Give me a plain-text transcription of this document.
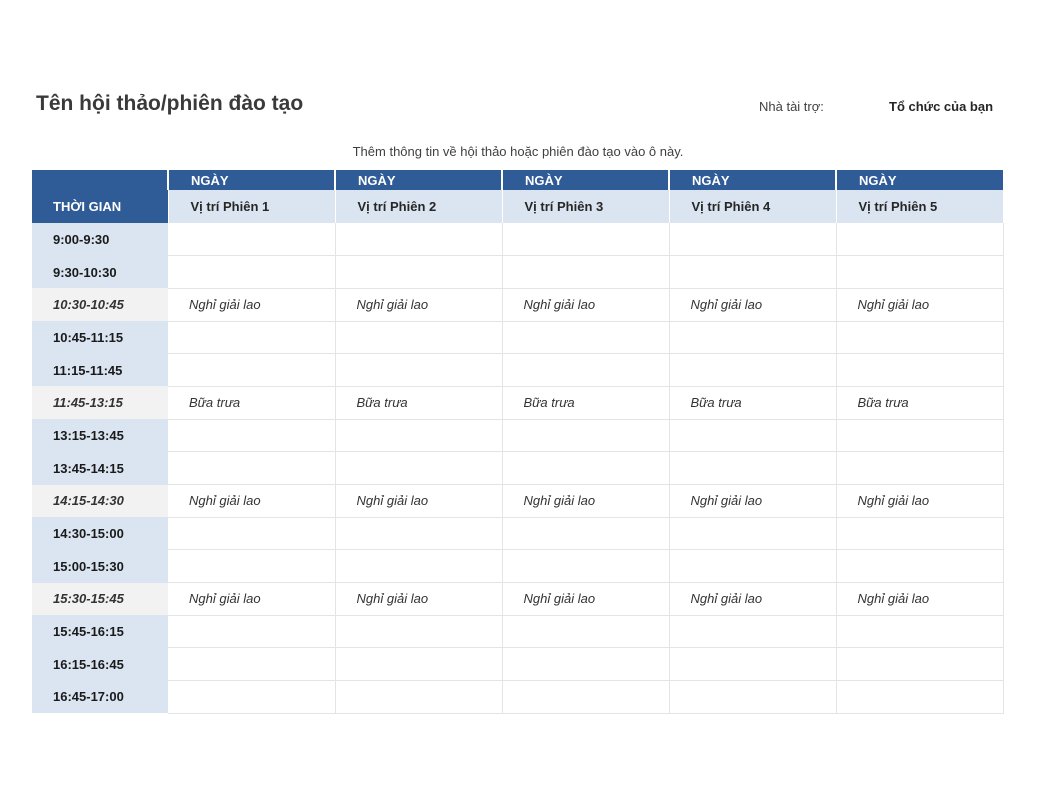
Tên hội thảo/phiên đào tạo	Nhà tài trợ:	Tổ chức của bạn
Thêm thông tin về hội thảo hoặc phiên đào tạo vào ô này.
	NGÀY	NGÀY	NGÀY	NGÀY	NGÀY
THỜI GIAN	Vị trí Phiên 1	Vị trí Phiên 2	Vị trí Phiên 3	Vị trí Phiên 4	Vị trí Phiên 5
9:00-9:30					
9:30-10:30					
10:30-10:45	Nghỉ giải lao	Nghỉ giải lao	Nghỉ giải lao	Nghỉ giải lao	Nghỉ giải lao
10:45-11:15					
11:15-11:45					
11:45-13:15	Bữa trưa	Bữa trưa	Bữa trưa	Bữa trưa	Bữa trưa
13:15-13:45					
13:45-14:15					
14:15-14:30	Nghỉ giải lao	Nghỉ giải lao	Nghỉ giải lao	Nghỉ giải lao	Nghỉ giải lao
14:30-15:00					
15:00-15:30					
15:30-15:45	Nghỉ giải lao	Nghỉ giải lao	Nghỉ giải lao	Nghỉ giải lao	Nghỉ giải lao
15:45-16:15					
16:15-16:45					
16:45-17:00					
